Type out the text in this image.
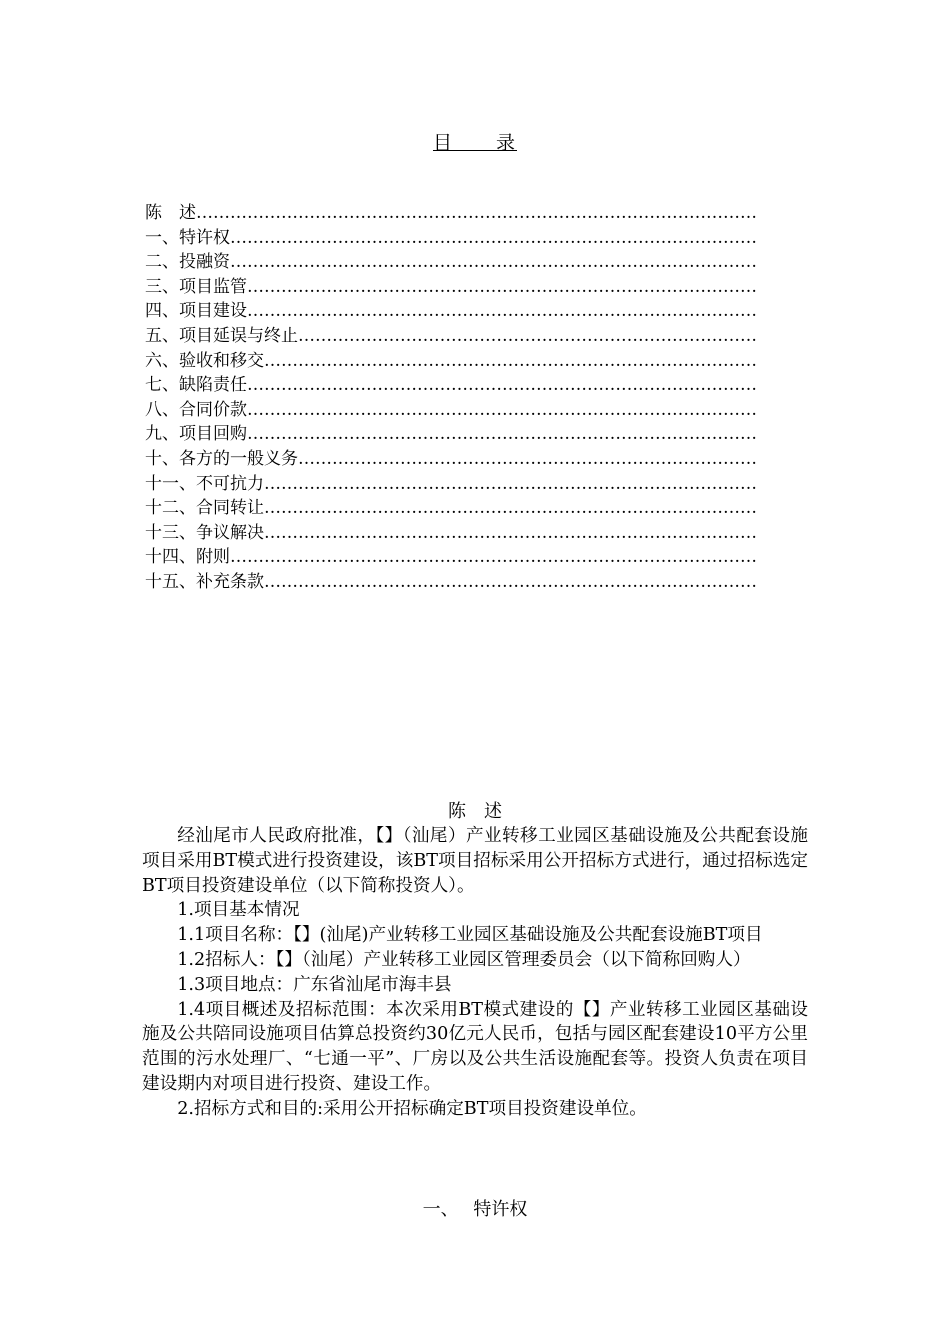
目　　录
陈　述
…………………………………………………………………………………………………………………………………………
一、特许权
…………………………………………………………………………………………………………………………………………
二、投融资
…………………………………………………………………………………………………………………………………………
三、项目监管
…………………………………………………………………………………………………………………………………………
四、项目建设
…………………………………………………………………………………………………………………………………………
五、项目延误与终止
…………………………………………………………………………………………………………………………………………
六、验收和移交
…………………………………………………………………………………………………………………………………………
七、缺陷责任
…………………………………………………………………………………………………………………………………………
八、合同价款
…………………………………………………………………………………………………………………………………………
九、项目回购
…………………………………………………………………………………………………………………………………………
十、各方的一般义务
…………………………………………………………………………………………………………………………………………
十一、不可抗力
…………………………………………………………………………………………………………………………………………
十二、合同转让
…………………………………………………………………………………………………………………………………………
十三、争议解决
…………………………………………………………………………………………………………………………………………
十四、附则
…………………………………………………………………………………………………………………………………………
十五、补充条款
…………………………………………………………………………………………………………………………………………
陈　述

经汕尾市人民政府批准，【】（汕尾）产业转移工业园区基础设施及公共配套设施项目采用BT模式进行投资建设，该BT项目招标采用公开招标方式进行，通过招标选定BT项目投资建设单位（以下简称投资人）。

1.项目基本情况

1.1项目名称：【】(汕尾)产业转移工业园区基础设施及公共配套设施BT项目

1.2招标人：【】（汕尾）产业转移工业园区管理委员会（以下简称回购人）

1.3项目地点：广东省汕尾市海丰县

1.4项目概述及招标范围：本次采用BT模式建设的【】产业转移工业园区基础设施及公共陪同设施项目估算总投资约30亿元人民币，包括与园区配套建设10平方公里范围的污水处理厂、“七通一平”、厂房以及公共生活设施配套等。投资人负责在项目建设期内对项目进行投资、建设工作。

2.招标方式和目的:采用公开招标确定BT项目投资建设单位。

一、　 特许权
